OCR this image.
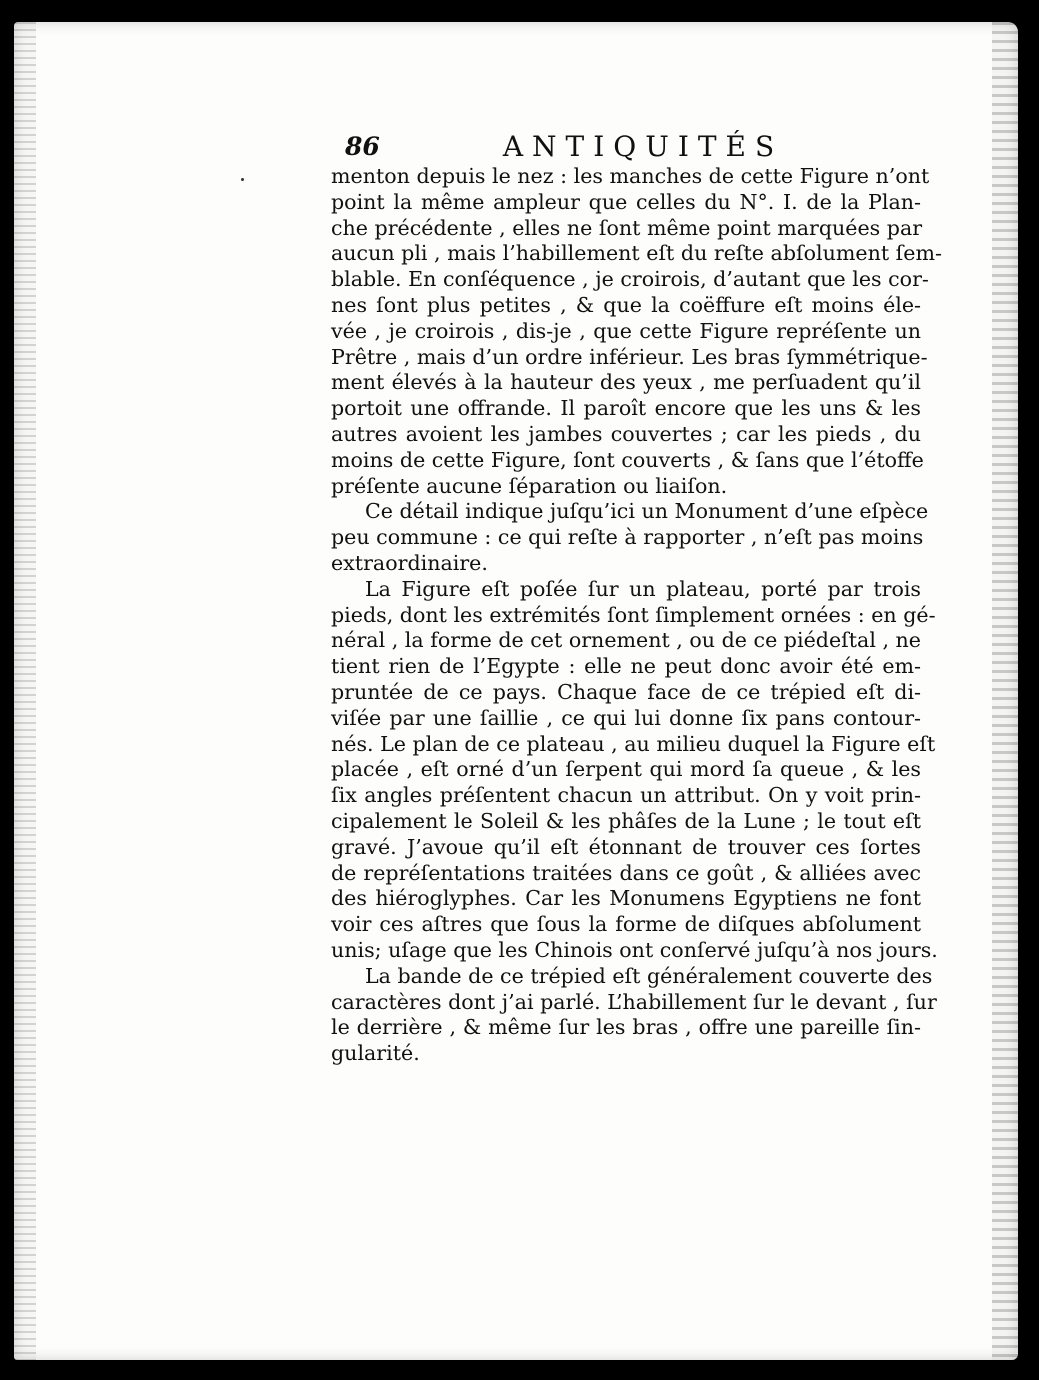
86	ANTIQUITÉS

menton depuis le nez : les manches de cette Figure n’ont
point la même ampleur que celles du N°. I. de la Plan-
che précédente , elles ne ſont même point marquées par
aucun pli , mais l’habillement eſt du reſte abſolument ſem-
blable. En conſéquence , je croirois, d’autant que les cor-
nes ſont plus petites , & que la coëffure eſt moins éle-
vée , je croirois , dis-je , que cette Figure repréſente un
Prêtre , mais d’un ordre inférieur. Les bras ſymmétrique-
ment élevés à la hauteur des yeux , me perſuadent qu’il
portoit une offrande. Il paroît encore que les uns & les
autres avoient les jambes couvertes ; car les pieds , du
moins de cette Figure, ſont couverts , & ſans que l’étoffe
préſente aucune ſéparation ou liaiſon.

Ce détail indique juſqu’ici un Monument d’une eſpèce
peu commune : ce qui reſte à rapporter , n’eſt pas moins
extraordinaire.

La Figure eſt poſée ſur un plateau, porté par trois
pieds, dont les extrémités ſont ſimplement ornées : en gé-
néral , la forme de cet ornement , ou de ce piédeſtal , ne
tient rien de l’Egypte : elle ne peut donc avoir été em-
pruntée de ce pays. Chaque face de ce trépied eſt di-
viſée par une ſaillie , ce qui lui donne ſix pans contour-
nés. Le plan de ce plateau , au milieu duquel la Figure eſt
placée , eſt orné d’un ſerpent qui mord ſa queue , & les
ſix angles préſentent chacun un attribut. On y voit prin-
cipalement le Soleil & les phâſes de la Lune ; le tout eſt
gravé. J’avoue qu’il eſt étonnant de trouver ces ſortes
de repréſentations traitées dans ce goût , & alliées avec
des hiéroglyphes. Car les Monumens Egyptiens ne font
voir ces aſtres que ſous la forme de diſques abſolument
unis; uſage que les Chinois ont conſervé juſqu’à nos jours.

La bande de ce trépied eſt généralement couverte des
caractères dont j’ai parlé. L’habillement ſur le devant , ſur
le derrière , & même ſur les bras , offre une pareille ſin-
gularité.
